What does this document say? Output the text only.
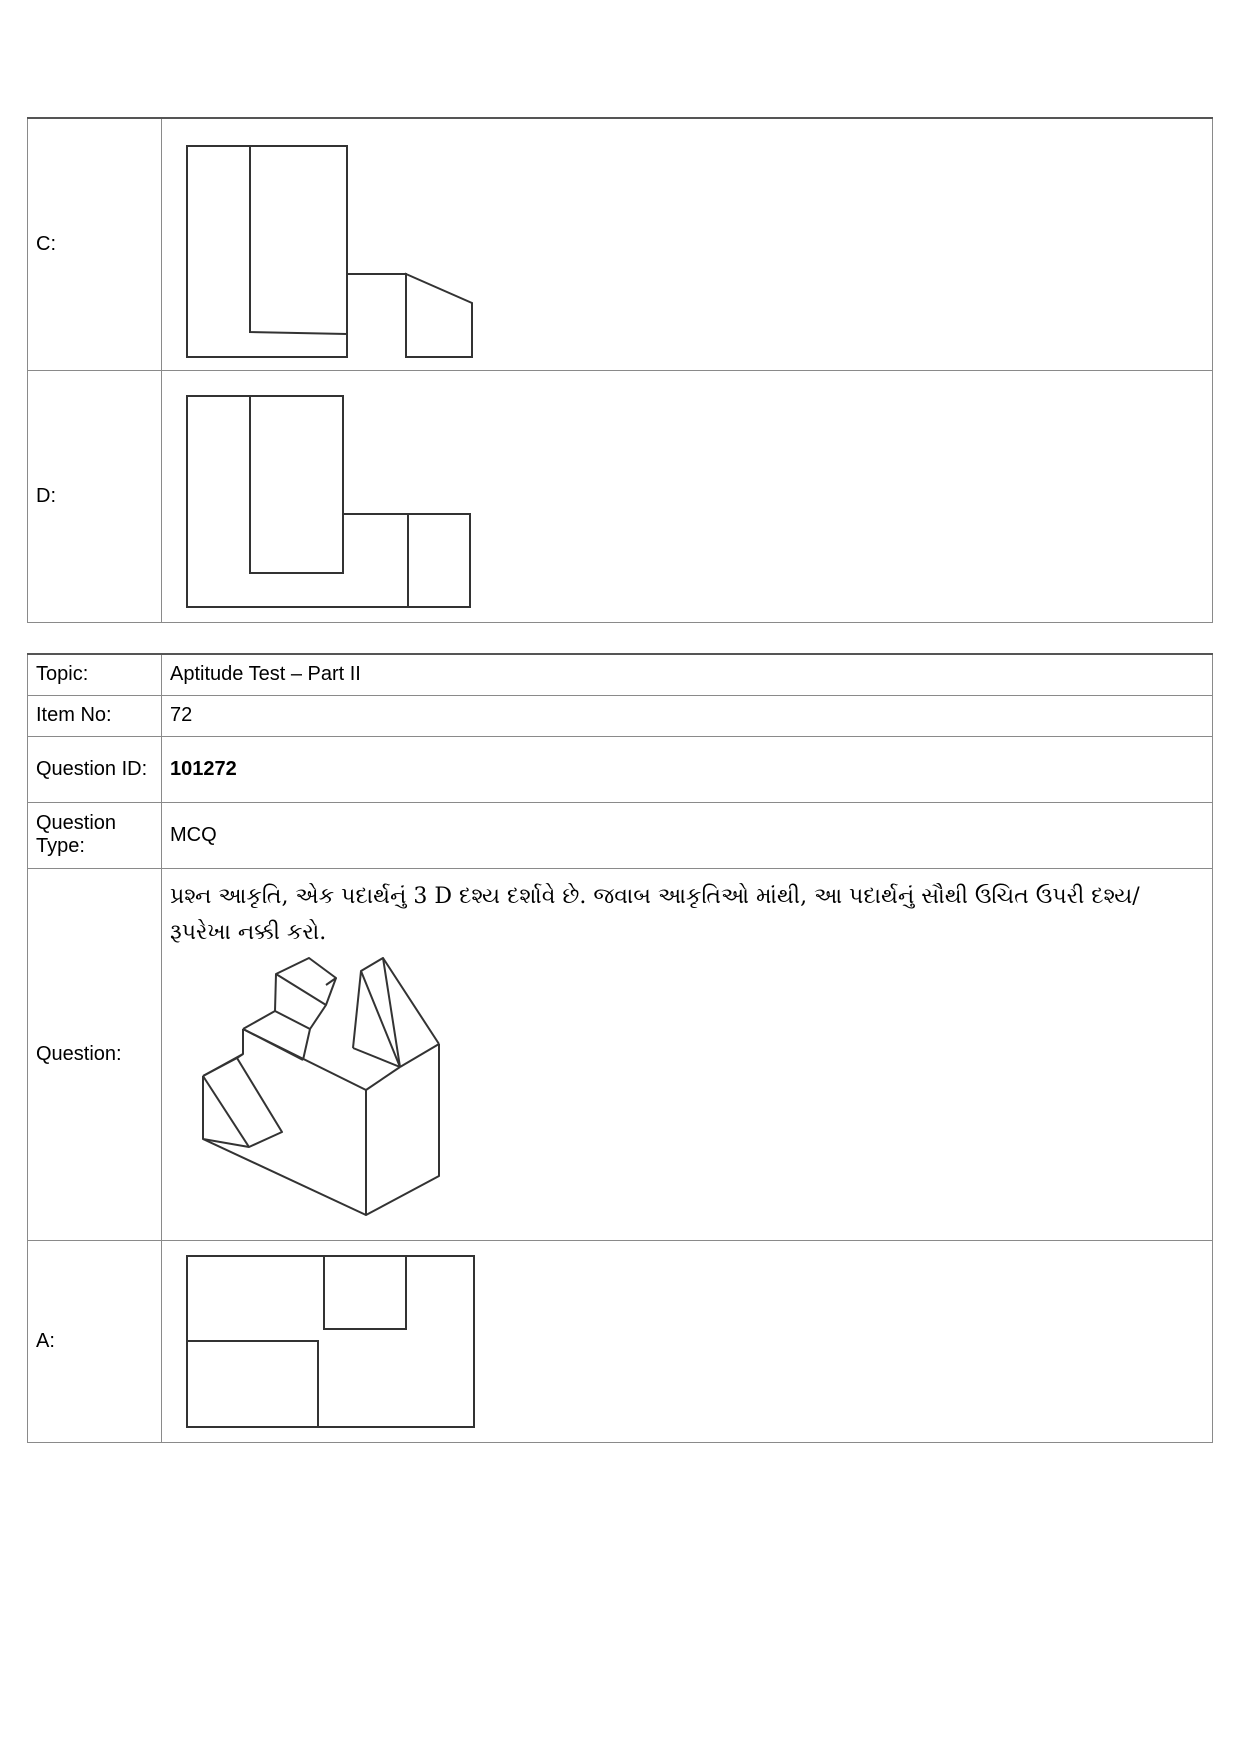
C:	

D:	
Topic:	Aptitude Test – Part II
Item No:	72
Question ID:	101272
Question Type:	MCQ
Question:	પ્રશ્ન આકૃતિ, એક પદાર્થનું 3 D દશ્ય દર્શાવે છે. જવાબ આકૃતિઓ માંથી, આ પદાર્થનું સૌથી ઉચિત ઉપરી દશ્ય/ રૂપરેખા નક્કી કરો.

A:	
